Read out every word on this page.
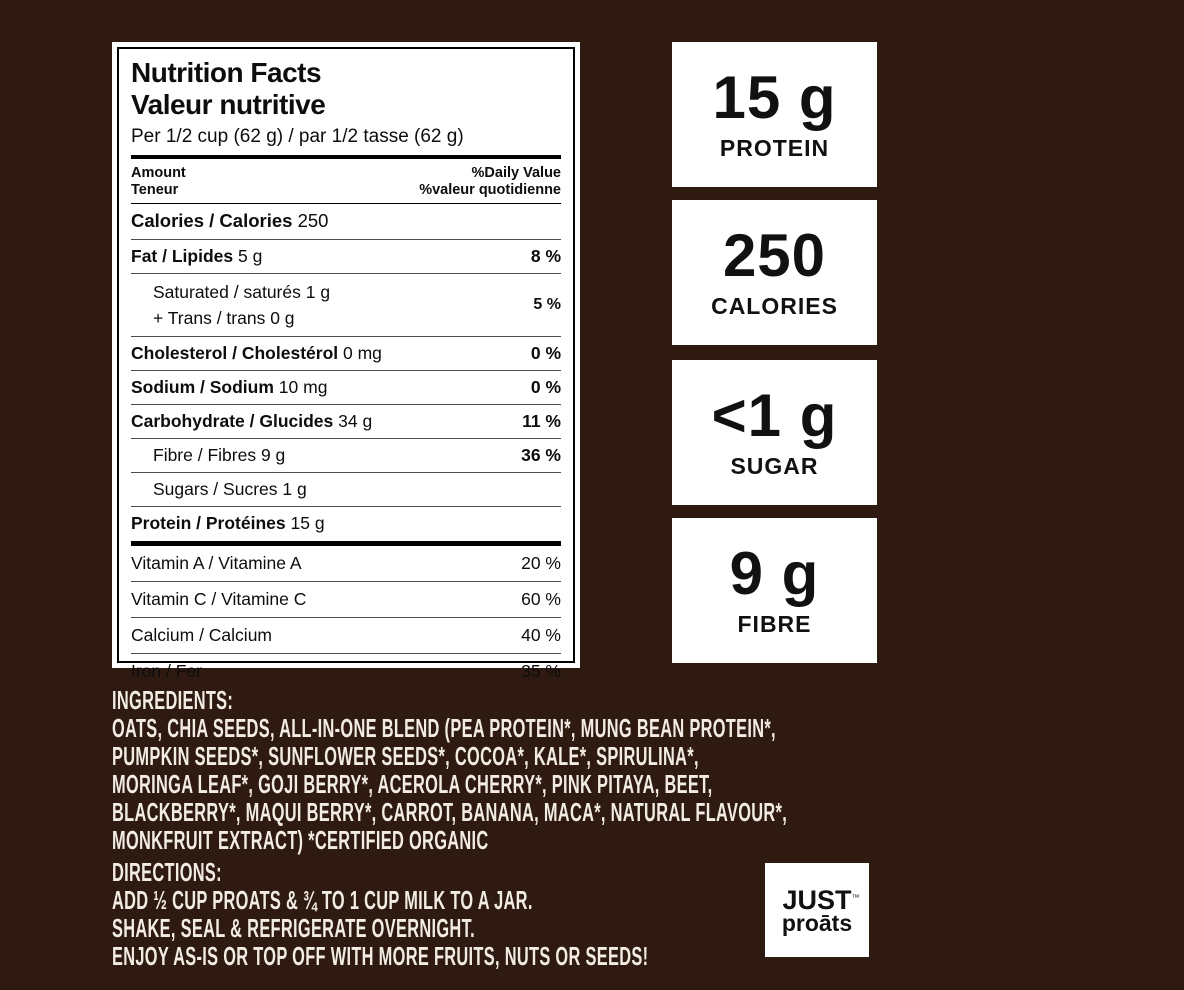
Nutrition Facts
Valeur nutritive
Per 1/2 cup (62 g) / par 1/2 tasse (62 g)
Amount
Teneur
%Daily Value
%valeur quotidienne
Calories / Calories 250
Fat / Lipides 5 g	8 %
Saturated / saturés 1 g
+ Trans / trans 0 g
5 %
Cholesterol / Cholestérol 0 mg	0 %
Sodium / Sodium 10 mg	0 %
Carbohydrate / Glucides 34 g	11 %
Fibre / Fibres 9 g	36 %
Sugars / Sucres 1 g
Protein / Protéines 15 g
Vitamin A / Vitamine A	20 %
Vitamin C / Vitamine C	60 %
Calcium / Calcium	40 %
Iron / Fer	35 %
15 g
PROTEIN
250
CALORIES
<1 g
SUGAR
9 g
FIBRE
INGREDIENTS:
OATS, CHIA SEEDS, ALL-IN-ONE BLEND (PEA PROTEIN*, MUNG BEAN PROTEIN*,
PUMPKIN SEEDS*, SUNFLOWER SEEDS*, COCOA*, KALE*, SPIRULINA*,
MORINGA LEAF*, GOJI BERRY*, ACEROLA CHERRY*, PINK PITAYA, BEET,
BLACKBERRY*, MAQUI BERRY*, CARROT, BANANA, MACA*, NATURAL FLAVOUR*,
MONKFRUIT EXTRACT) *CERTIFIED ORGANIC
DIRECTIONS:
ADD ½ CUP PROATS & ¾ TO 1 CUP MILK TO A JAR.
SHAKE, SEAL & REFRIGERATE OVERNIGHT.
ENJOY AS-IS OR TOP OFF WITH MORE FRUITS, NUTS OR SEEDS!
JUST ™
proāts
